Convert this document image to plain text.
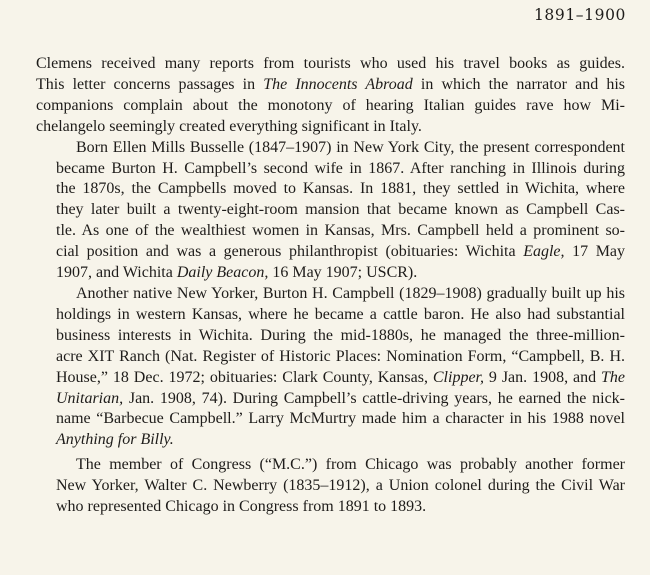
1891–1900

Clemens received many reports from tourists who used his travel books as guides.
This letter concerns passages in The Innocents Abroad in which the narrator and his
companions complain about the monotony of hearing Italian guides rave how Mi-
chelangelo seemingly created everything significant in Italy.

Born Ellen Mills Busselle (1847–1907) in New York City, the present correspondent
became Burton H. Campbell’s second wife in 1867. After ranching in Illinois during
the 1870s, the Campbells moved to Kansas. In 1881, they settled in Wichita, where
they later built a twenty-eight-room mansion that became known as Campbell Cas-
tle. As one of the wealthiest women in Kansas, Mrs. Campbell held a prominent so-
cial position and was a generous philanthropist (obituaries: Wichita Eagle, 17 May
1907, and Wichita Daily Beacon, 16 May 1907; USCR).

Another native New Yorker, Burton H. Campbell (1829–1908) gradually built up his
holdings in western Kansas, where he became a cattle baron. He also had substantial
business interests in Wichita. During the mid-1880s, he managed the three-million-
acre XIT Ranch (Nat. Register of Historic Places: Nomination Form, “Campbell, B. H.
House,” 18 Dec. 1972; obituaries: Clark County, Kansas, Clipper, 9 Jan. 1908, and The
Unitarian, Jan. 1908, 74). During Campbell’s cattle-driving years, he earned the nick-
name “Barbecue Campbell.” Larry McMurtry made him a character in his 1988 novel
Anything for Billy.

The member of Congress (“M.C.”) from Chicago was probably another former
New Yorker, Walter C. Newberry (1835–1912), a Union colonel during the Civil War
who represented Chicago in Congress from 1891 to 1893.
